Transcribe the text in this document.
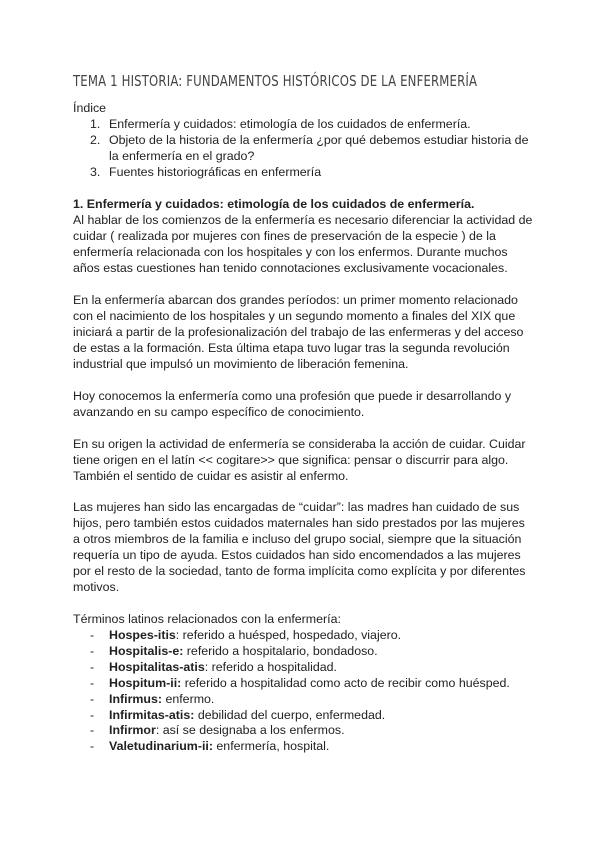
TEMA 1 HISTORIA: FUNDAMENTOS HISTÓRICOS DE LA ENFERMERÍA
Índice
1. Enfermería y cuidados: etimología de los cuidados de enfermería.
2. Objeto de la historia de la enfermería ¿por qué debemos estudiar historia de la enfermería en el grado?
3. Fuentes historiográficas en enfermería
1. Enfermería y cuidados: etimología de los cuidados de enfermería.

Al hablar de los comienzos de la enfermería es necesario diferenciar la actividad de cuidar ( realizada por mujeres con fines de preservación de la especie ) de la enfermería relacionada con los hospitales y con los enfermos. Durante muchos años estas cuestiones han tenido connotaciones exclusivamente vocacionales.

En la enfermería abarcan dos grandes períodos: un primer momento relacionado con el nacimiento de los hospitales y un segundo momento a finales del XIX que iniciará a partir de la profesionalización del trabajo de las enfermeras y del acceso de estas a la formación. Esta última etapa tuvo lugar tras la segunda revolución industrial que impulsó un movimiento de liberación femenina.

Hoy conocemos la enfermería como una profesión que puede ir desarrollando y avanzando en su campo específico de conocimiento.

En su origen la actividad de enfermería se consideraba la acción de cuidar. Cuidar tiene origen en el latín << cogitare>> que significa: pensar o discurrir para algo. También el sentido de cuidar es asistir al enfermo.

Las mujeres han sido las encargadas de “cuidar”: las madres han cuidado de sus hijos, pero también estos cuidados maternales han sido prestados por las mujeres a otros miembros de la familia e incluso del grupo social, siempre que la situación requería un tipo de ayuda. Estos cuidados han sido encomendados a las mujeres por el resto de la sociedad, tanto de forma implícita como explícita y por diferentes motivos.

Términos latinos relacionados con la enfermería:
- Hospes-itis: referido a huésped, hospedado, viajero.
- Hospitalis-e: referido a hospitalario, bondadoso.
- Hospitalitas-atis: referido a hospitalidad.
- Hospitum-ii: referido a hospitalidad como acto de recibir como huésped.
- Infirmus: enfermo.
- Infirmitas-atis: debilidad del cuerpo, enfermedad.
- Infirmor: así se designaba a los enfermos.
- Valetudinarium-ii: enfermería, hospital.
